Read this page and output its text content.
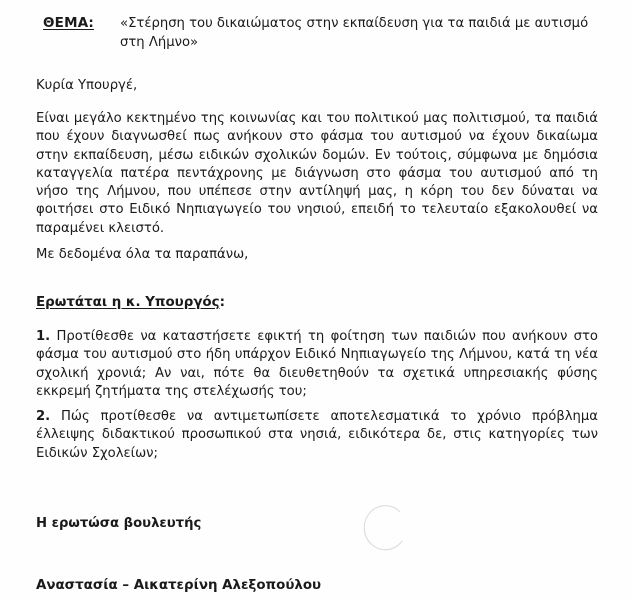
ΘΕΜΑ:	«Στέρηση του δικαιώματος στην εκπαίδευση για τα παιδιά με αυτισμό στη Λήμνο»
Κυρία Υπουργέ,
Είναι μεγάλο κεκτημένο της κοινωνίας και του πολιτικού μας πολιτισμού, τα παιδιά που έχουν διαγνωσθεί πως ανήκουν στο φάσμα του αυτισμού να έχουν δικαίωμα στην εκπαίδευση, μέσω ειδικών σχολικών δομών. Εν τούτοις, σύμφωνα με δημόσια καταγγελία πατέρα πεντάχρονης με διάγνωση στο φάσμα του αυτισμού από τη νήσο της Λήμνου, που υπέπεσε στην αντίληψή μας, η κόρη του δεν δύναται να φοιτήσει στο Ειδικό Νηπιαγωγείο του νησιού, επειδή το τελευταίο εξακολουθεί να παραμένει κλειστό.
Με δεδομένα όλα τα παραπάνω,
Ερωτάται η κ. Υπουργός:
1. Προτίθεσθε να καταστήσετε εφικτή τη φοίτηση των παιδιών που ανήκουν στο φάσμα του αυτισμού στο ήδη υπάρχον Ειδικό Νηπιαγωγείο της Λήμνου, κατά τη νέα σχολική χρονιά; Αν ναι, πότε θα διευθετηθούν τα σχετικά υπηρεσιακής φύσης εκκρεμή ζητήματα της στελέχωσής του;
2. Πώς προτίθεσθε να αντιμετωπίσετε αποτελεσματικά το χρόνιο πρόβλημα έλλειψης διδακτικού προσωπικού στα νησιά, ειδικότερα δε, στις κατηγορίες των Ειδικών Σχολείων;
Η ερωτώσα βουλευτής
Αναστασία – Αικατερίνη Αλεξοπούλου
